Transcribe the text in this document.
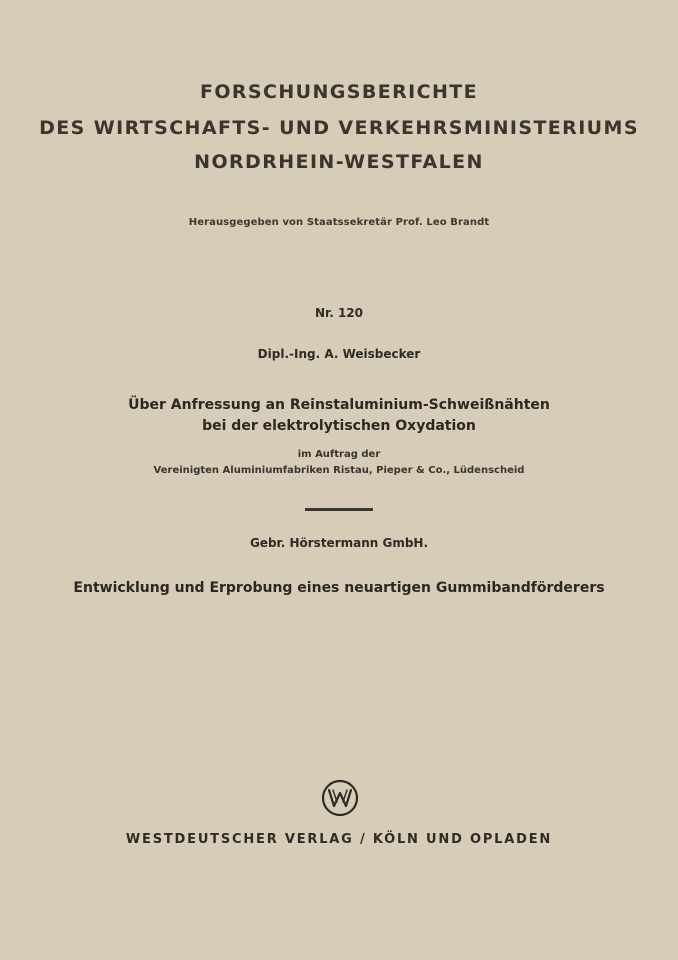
FORSCHUNGSBERICHTE
DES WIRTSCHAFTS- UND VERKEHRSMINISTERIUMS
NORDRHEIN-WESTFALEN
Herausgegeben von Staatssekretär Prof. Leo Brandt
Nr. 120
Dipl.-Ing. A. Weisbecker
Über Anfressung an Reinstaluminium-Schweißnähten
bei der elektrolytischen Oxydation
im Auftrag der
Vereinigten Aluminiumfabriken Ristau, Pieper & Co., Lüdenscheid
Gebr. Hörstermann GmbH.
Entwicklung und Erprobung eines neuartigen Gummibandförderers
WESTDEUTSCHER VERLAG / KÖLN UND OPLADEN
